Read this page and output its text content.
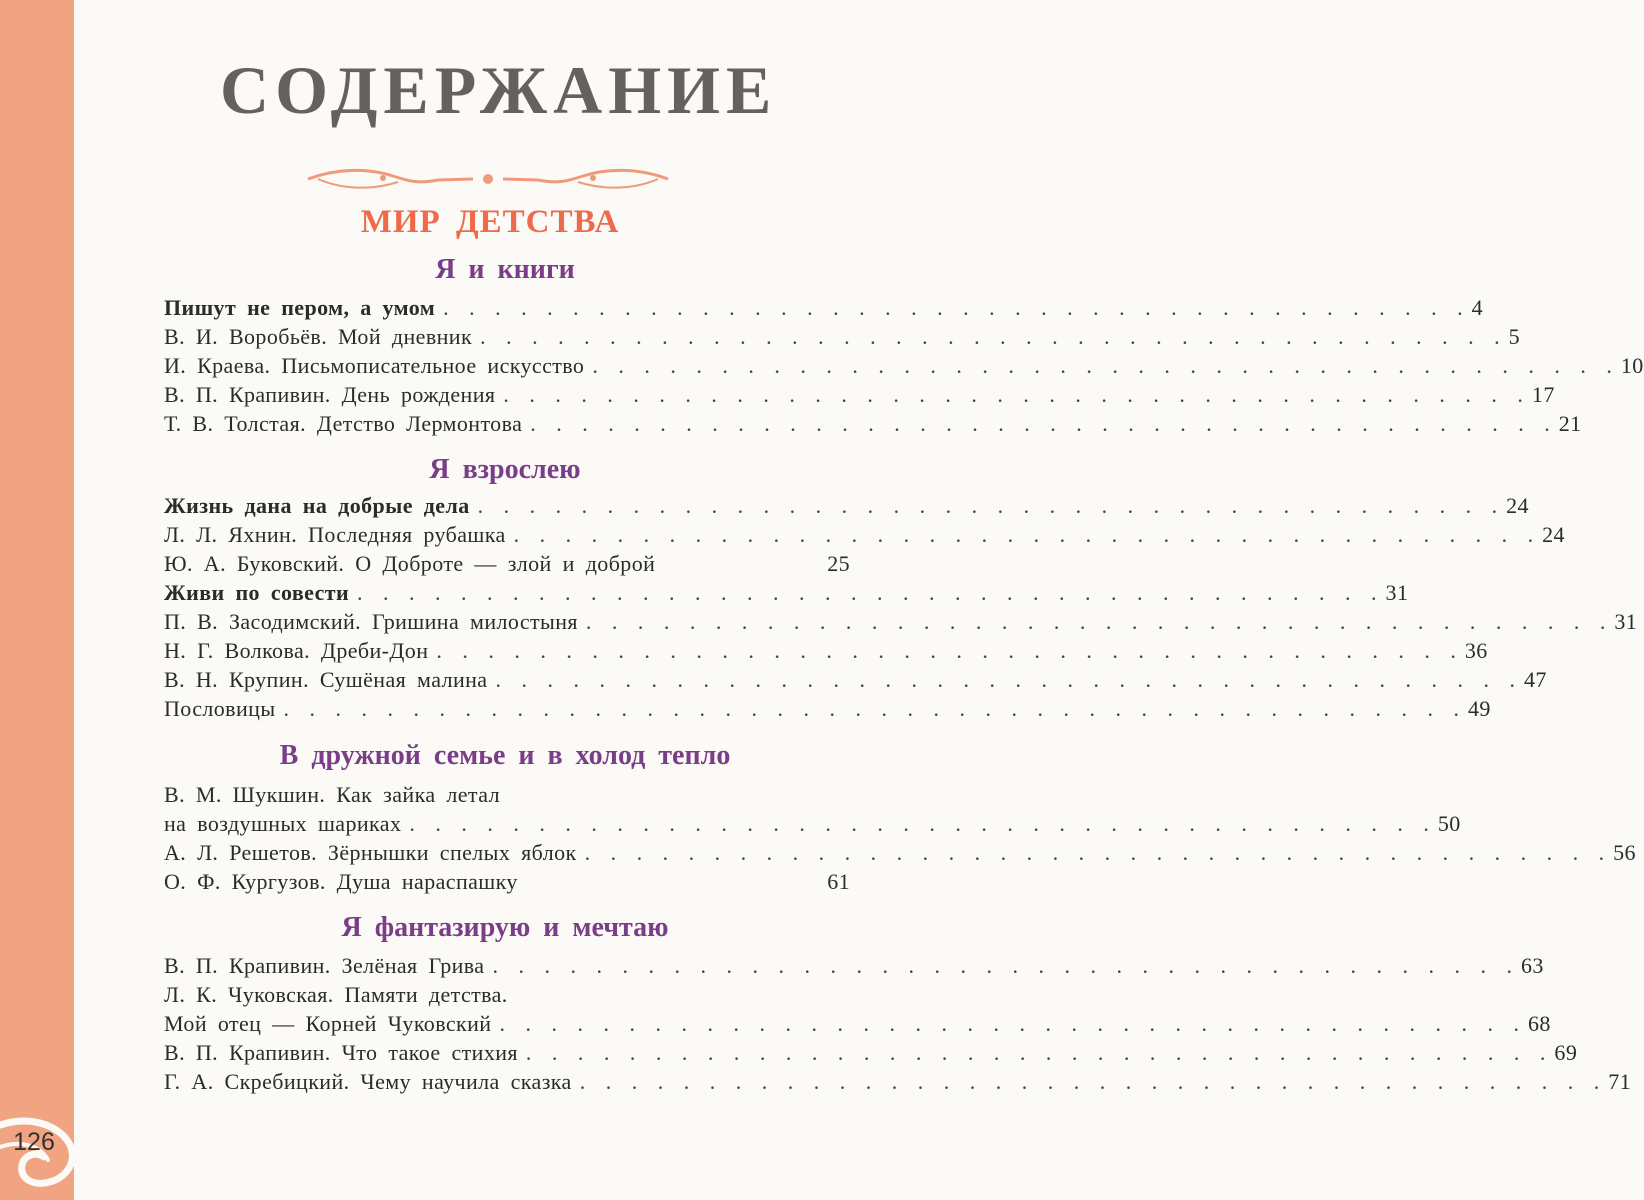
126
СОДЕРЖАНИЕ
МИР ДЕТСТВА
Я и книги
Пишут не пером, а умом . . . . . . . . . . . . . . . . . . . . . . . . . . . . . . . . . . . . . . . . 4
В. И. Воробьёв. Мой дневник . . . . . . . . . . . . . . . . . . . . . . . . . . . . . . . . . . . . . . . . 5
И. Краева. Письмописательное искусство . . . . . . . . . . . . . . . . . . . . . . . . . . . . . . . . . . . . . . . . 10
В. П. Крапивин. День рождения . . . . . . . . . . . . . . . . . . . . . . . . . . . . . . . . . . . . . . . . 17
Т. В. Толстая. Детство Лермонтова . . . . . . . . . . . . . . . . . . . . . . . . . . . . . . . . . . . . . . . . 21
Я взрослею
Жизнь дана на добрые дела . . . . . . . . . . . . . . . . . . . . . . . . . . . . . . . . . . . . . . . . 24
Л. Л. Яхнин. Последняя рубашка . . . . . . . . . . . . . . . . . . . . . . . . . . . . . . . . . . . . . . . . 24
Ю. А. Буковский. О Доброте — злой и доброй	25
Живи по совести . . . . . . . . . . . . . . . . . . . . . . . . . . . . . . . . . . . . . . . . 31
П. В. Засодимский. Гришина милостыня . . . . . . . . . . . . . . . . . . . . . . . . . . . . . . . . . . . . . . . . 31
Н. Г. Волкова. Дреби-Дон . . . . . . . . . . . . . . . . . . . . . . . . . . . . . . . . . . . . . . . . 36
В. Н. Крупин. Сушёная малина . . . . . . . . . . . . . . . . . . . . . . . . . . . . . . . . . . . . . . . . 47
Пословицы . . . . . . . . . . . . . . . . . . . . . . . . . . . . . . . . . . . . . . . . . . . . . . 49
В дружной семье и в холод тепло
В. М. Шукшин. Как зайка летал
на воздушных шариках . . . . . . . . . . . . . . . . . . . . . . . . . . . . . . . . . . . . . . . . 50
А. Л. Решетов. Зёрнышки спелых яблок . . . . . . . . . . . . . . . . . . . . . . . . . . . . . . . . . . . . . . . . 56
О. Ф. Кургузов. Душа нараспашку	61
Я фантазирую и мечтаю
В. П. Крапивин. Зелёная Грива . . . . . . . . . . . . . . . . . . . . . . . . . . . . . . . . . . . . . . . . 63
Л. К. Чуковская. Памяти детства.
Мой отец — Корней Чуковский . . . . . . . . . . . . . . . . . . . . . . . . . . . . . . . . . . . . . . . . 68
В. П. Крапивин. Что такое стихия . . . . . . . . . . . . . . . . . . . . . . . . . . . . . . . . . . . . . . . . 69
Г. А. Скребицкий. Чему научила сказка . . . . . . . . . . . . . . . . . . . . . . . . . . . . . . . . . . . . . . . . 71
